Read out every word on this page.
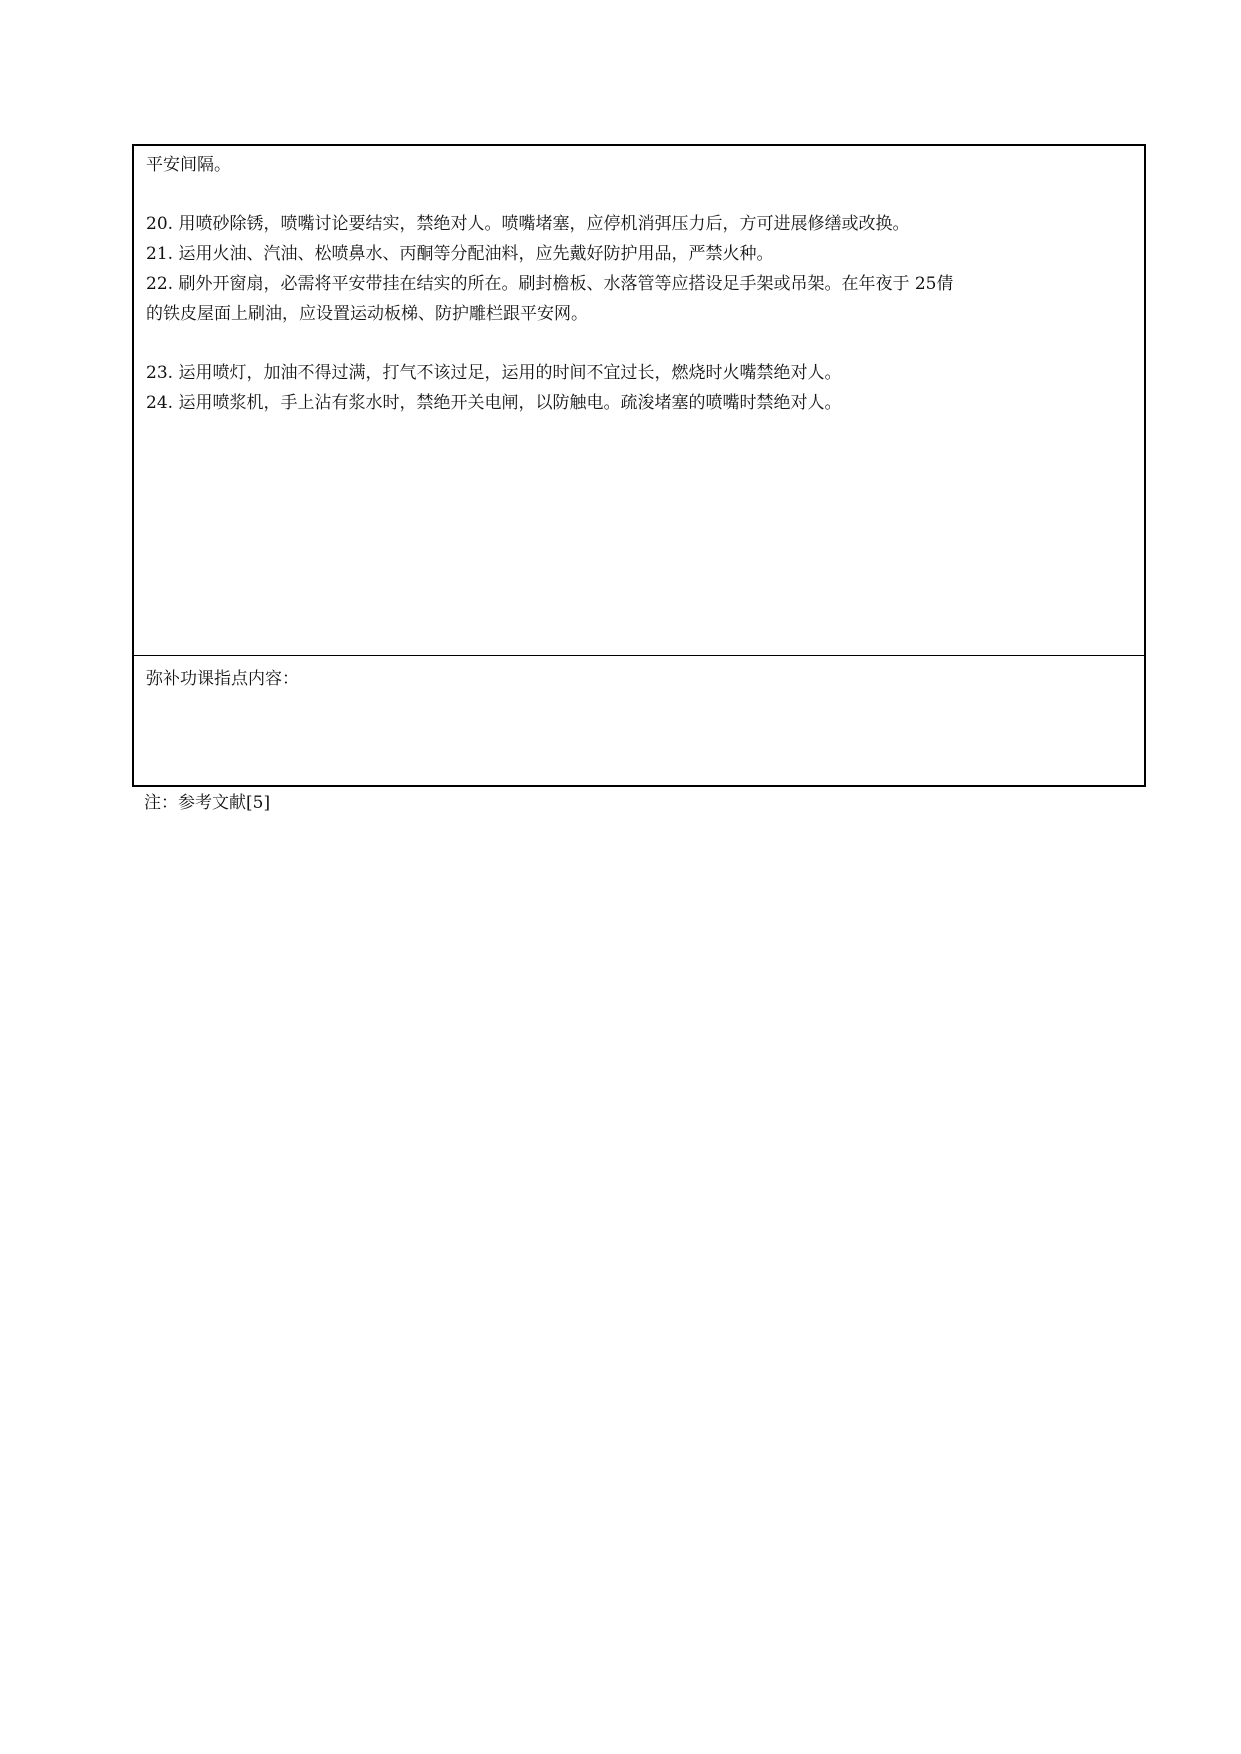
平安间隔。
20. 用喷砂除锈，喷嘴讨论要结实，禁绝对人。喷嘴堵塞，应停机消弭压力后，方可进展修缮或改换。
21. 运用火油、汽油、松喷鼻水、丙酮等分配油料，应先戴好防护用品，严禁火种。
22. 刷外开窗扇，必需将平安带挂在结实的所在。刷封檐板、水落管等应搭设足手架或吊架。在年夜于 25倩
的铁皮屋面上刷油，应设置运动板梯、防护雕栏跟平安网。
23. 运用喷灯，加油不得过满，打气不该过足，运用的时间不宜过长，燃烧时火嘴禁绝对人。
24. 运用喷浆机，手上沾有浆水时，禁绝开关电闸，以防触电。疏浚堵塞的喷嘴时禁绝对人。
弥补功课指点内容：
注：参考文献[5]
